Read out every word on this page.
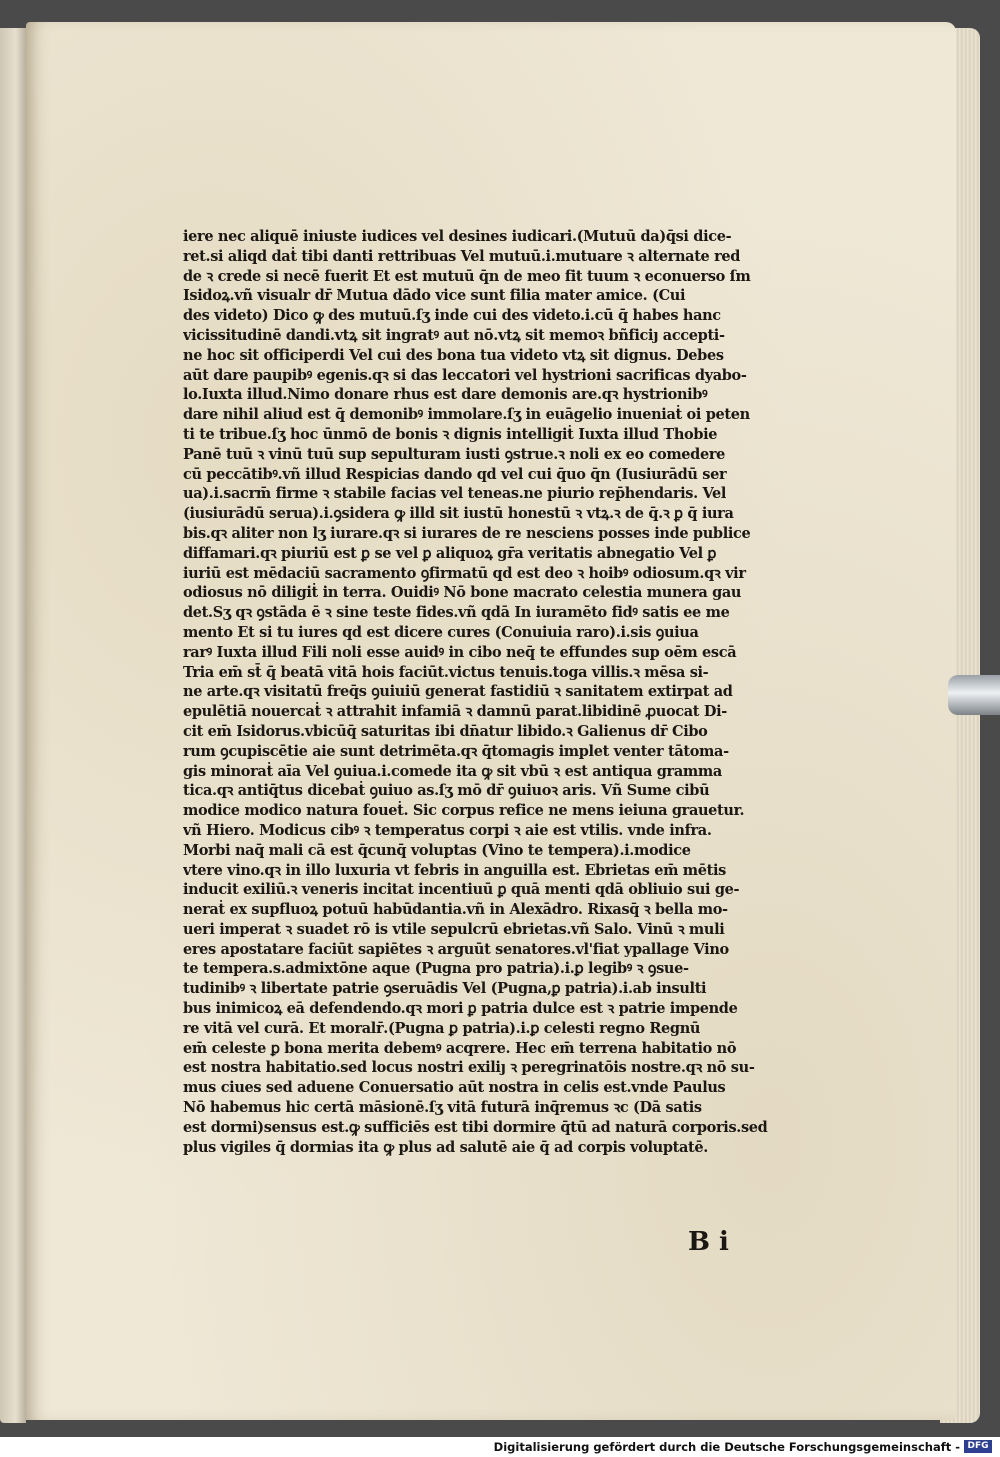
iere nec aliquē iniuste iudices vel desines iudicari.(Mutuū da)q̄si dice-
ret.si aliqd daṫ tibi danti rettribuas Vel mutuū.i.mutuare ꝛ alternate red
de ꝛ crede si necē fuerit Et est mutuū q̄n de meo fit tuum ꝛ econuerso ſm
Isidoꝝ.vñ visualr dr̄ Mutua dādo vice sunt filia mater amice. (Cui
des videto) Dico ꝙ des mutuū.ſʒ inde cui des videto.i.cū q̄ habes hanc
vicissitudinē dandi.vtꝝ sit ingratꝰ aut nō.vtꝝ sit memoꝛ bñficiȷ accepti-
ne hoc sit officiperdi Vel cui des bona tua videto vtꝝ sit dignus. Debes
aūt dare paupibꝰ egenis.qꝛ si das leccatori vel hystrioni sacrificas dyabo-
lo.Iuxta illud.Nimo donare rhus est dare demonis are.qꝛ hystrionibꝰ
dare nihil aliud est q̄ demonibꝰ immolare.ſʒ in euāgelio inueniaṫ oi peten
ti te tribue.ſʒ hoc ūnmō de bonis ꝛ dignis intelligiṫ Iuxta illud Thobie
Panē tuū ꝛ vinū tuū sup sepulturam iusti ꝯstrue.ꝛ noli ex eo comedere
cū peccātibꝰ.vñ illud Respicias dando qd vel cui q̄uo q̄n (Iusiurādū ser
ua).i.sacrm̄ firme ꝛ stabile facias vel teneas.ne piurio rep̄hendaris. Vel
(iusiurādū serua).i.ꝯsidera ꝙ illd sit iustū honestū ꝛ vtꝝ.ꝛ de q̄.ꝛ ꝑ q̄ iura
bis.qꝛ aliter non lʒ iurare.qꝛ si iurares de re nesciens posses inde publice
diffamari.qꝛ piuriū est ꝑ se vel ꝑ aliquoꝝ gr̄a veritatis abnegatio Vel ꝑ
iuriū est mēdaciū sacramento ꝯfirmatū qd est deo ꝛ hoibꝰ odiosum.qꝛ vir
odiosus nō diligiṫ in terra. Ouidiꝰ Nō bone macrato celestia munera gau
det.Sʒ qꝛ ꝯstāda ē ꝛ sine teste fides.vñ qdā In iuramēto fidꝰ satis ee me
mento Et si tu iures qd est dicere cures (Conuiuia raro).i.sis ꝯuiua
rarꝰ Iuxta illud Fili noli esse auidꝰ in cibo neq̄ te effundes sup oēm escā
Tria em̄ st̄ q̄ beatā vitā hois faciūt.victus tenuis.toga villis.ꝛ mēsa si-
ne arte.qꝛ visitatū freq̄s ꝯuiuiū generat fastidiū ꝛ sanitatem extirpat ad
epulētiā nouercaṫ ꝛ attrahit infamiā ꝛ damnū parat.libidinē ꝓuocat Di-
cit em̄ Isidorus.vbicūq̄ saturitas ibi dn̄atur libido.ꝛ Galienus dr̄ Cibo
rum ꝯcupiscētie aie sunt detrimēta.qꝛ q̄tomagis implet venter tātoma-
gis minoraṫ aīa Vel ꝯuiua.i.comede ita ꝙ sit vbū ꝛ est antiqua gramma
tica.qꝛ antiq̄tus dicebaṫ ꝯuiuo as.ſʒ mō dr̄ ꝯuiuoꝛ aris. Vñ Sume cibū
modice modico natura foueṫ. Sic corpus refice ne mens ieiuna grauetur.
vñ Hiero. Modicus cibꝰ ꝛ temperatus corpi ꝛ aie est vtilis. vnde infra.
Morbi naq̄ mali cā est q̄cunq̄ voluptas (Vino te tempera).i.modice
vtere vino.qꝛ in illo luxuria vt febris in anguilla est. Ebrietas em̄ mētis
inducit exiliū.ꝛ veneris incitat incentiuū ꝑ quā menti qdā obliuio sui ge-
neraṫ ex supfluoꝝ potuū habūdantia.vñ in Alexādro. Rixasq̄ ꝛ bella mo-
ueri imperat ꝛ suadet rō is vtile sepulcrū ebrietas.vñ Salo. Vinū ꝛ muli
eres apostatare faciūt sapiētes ꝛ arguūt senatores.vl'fiat ypallage Vino
te tempera.s.admixtōne aque (Pugna pro patria).i.ꝑ legibꝰ ꝛ ꝯsue-
tudinibꝰ ꝛ libertate patrie ꝯseruādis Vel (Pugna,ꝑ patria).i.ab insulti
bus inimicoꝝ eā defendendo.qꝛ mori ꝑ patria dulce est ꝛ patrie impende
re vitā vel curā. Et moralr̄.(Pugna ꝑ patria).i.ꝑ celesti regno Regnū
em̄ celeste ꝑ bona merita debemꝰ acqrere. Hec em̄ terrena habitatio nō
est nostra habitatio.sed locus nostri exiliȷ ꝛ peregrinatōis nostre.qꝛ nō su-
mus ciues sed aduene Conuersatio aūt nostra in celis est.vnde Paulus
Nō habemus hic certā māsionē.ſʒ vitā futurā inq̄remus ꝛc (Dā satis
est dormi)sensus est.ꝙ sufficiēs est tibi dormire q̄tū ad naturā corporis.sed
plus vigiles q̄ dormias ita ꝙ plus ad salutē aie q̄ ad corpis voluptatē.
B i
Digitalisierung gefördert durch die Deutsche Forschungsgemeinschaft - DFG
